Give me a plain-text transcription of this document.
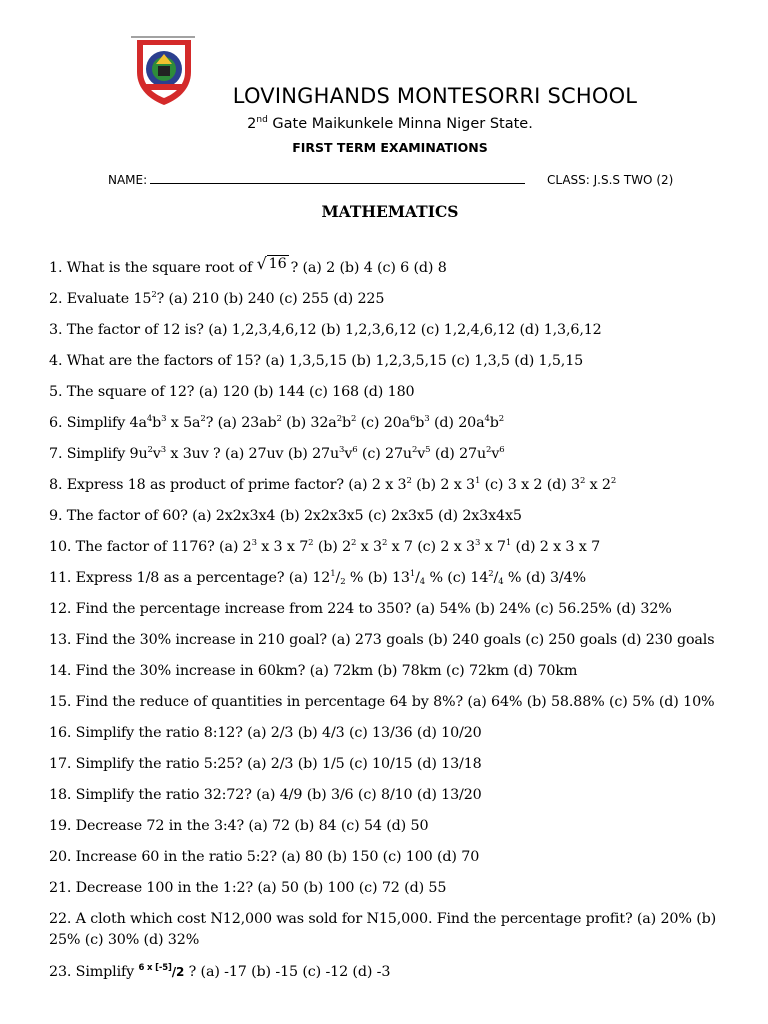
LOVINGHANDS MONTESORRI SCHOOL
2nd Gate Maikunkele Minna Niger State.
FIRST TERM EXAMINATIONS
NAME:	CLASS: J.S.S TWO (2)
MATHEMATICS
1. What is the square root of √ 16 ? (a) 2 (b) 4 (c) 6 (d) 8
2. Evaluate $15^2$? (a) 210 (b) 240 (c) 255 (d) 225
3. The factor of 12 is? (a) 1,2,3,4,6,12 (b) 1,2,3,6,12 (c) 1,2,4,6,12 (d) 1,3,6,12
4. What are the factors of 15? (a) 1,3,5,15 (b) 1,2,3,5,15 (c) 1,3,5 (d) 1,5,15
5. The square of 12? (a) 120 (b) 144 (c) 168 (d) 180
6. Simplify $4a^4b^3$ x $5a^2$? (a) $23ab^2$ (b) $32a^2b^2$ (c) $20a^6b^3$ (d) $20a^4b^2$
7. Simplify $9u^2v^3$ x 3uv ? (a) 27uv (b) $27u^3v^6$ (c) $27u^2v^5$ (d) $27u^2v^6$
8. Express 18 as product of prime factor? (a) 2 x $3^2$ (b) 2 x $3^1$ (c) 3 x 2 (d) $3^2$ x $2^2$
9. The factor of 60? (a) 2x2x3x4 (b) 2x2x3x5 (c) 2x3x5 (d) 2x3x4x5
10. The factor of 1176? (a) $2^3$ x 3 x $7^2$ (b) $2^2$ x $3^2$ x 7 (c) 2 x $3^3$ x $7^1$ (d) 2 x 3 x 7
11. Express 1/8 as a percentage? (a) $12^1/_2$ % (b) $13^1/_4$ % (c) $14^2/_4$ % (d) 3/4%
12. Find the percentage increase from 224 to 350? (a) 54% (b) 24% (c) 56.25% (d) 32%
13. Find the 30% increase in 210 goal? (a) 273 goals (b) 240 goals (c) 250 goals (d) 230 goals
14. Find the 30% increase in 60km? (a) 72km (b) 78km (c) 72km (d) 70km
15. Find the reduce of quantities in percentage 64 by 8%? (a) 64% (b) 58.88% (c) 5% (d) 10%
16. Simplify the ratio 8:12? (a) 2/3 (b) 4/3 (c) 13/36 (d) 10/20
17. Simplify the ratio 5:25? (a) 2/3 (b) 1/5 (c) 10/15 (d) 13/18
18. Simplify the ratio 32:72? (a) 4/9 (b) 3/6 (c) 8/10 (d) 13/20
19. Decrease 72 in the 3:4? (a) 72 (b) 84 (c) 54 (d) 50
20. Increase 60 in the ratio 5:2? (a) 80 (b) 150 (c) 100 (d) 70
21. Decrease 100 in the 1:2? (a) 50 (b) 100 (c) 72 (d) 55
22. A cloth which cost N12,000 was sold for N15,000. Find the percentage profit? (a) 20% (b) 25% (c) 30% (d) 32%
23. Simplify $^{6 x [-5]}$/2 ? (a) -17 (b) -15 (c) -12 (d) -3
